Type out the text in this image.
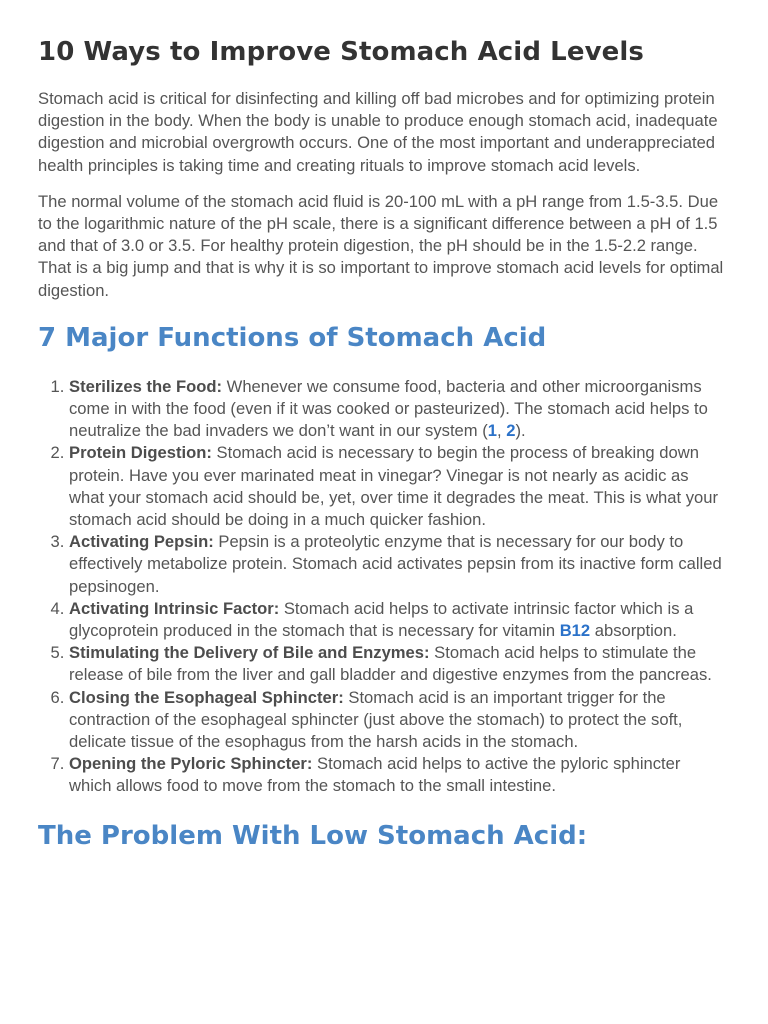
10 Ways to Improve Stomach Acid Levels

Stomach acid is critical for disinfecting and killing off bad microbes and for optimizing protein digestion in the body. When the body is unable to produce enough stomach acid, inadequate digestion and microbial overgrowth occurs. One of the most important and underappreciated health principles is taking time and creating rituals to improve stomach acid levels.

The normal volume of the stomach acid fluid is 20-100 mL with a pH range from 1.5-3.5. Due to the logarithmic nature of the pH scale, there is a significant difference between a pH of 1.5 and that of 3.0 or 3.5. For healthy protein digestion, the pH should be in the 1.5-2.2 range. That is a big jump and that is why it is so important to improve stomach acid levels for optimal digestion.

7 Major Functions of Stomach Acid
1. Sterilizes the Food: Whenever we consume food, bacteria and other microorganisms come in with the food (even if it was cooked or pasteurized). The stomach acid helps to neutralize the bad invaders we don’t want in our system (1, 2).
2. Protein Digestion: Stomach acid is necessary to begin the process of breaking down protein. Have you ever marinated meat in vinegar? Vinegar is not nearly as acidic as what your stomach acid should be, yet, over time it degrades the meat. This is what your stomach acid should be doing in a much quicker fashion.
3. Activating Pepsin: Pepsin is a proteolytic enzyme that is necessary for our body to effectively metabolize protein. Stomach acid activates pepsin from its inactive form called pepsinogen.
4. Activating Intrinsic Factor: Stomach acid helps to activate intrinsic factor which is a glycoprotein produced in the stomach that is necessary for vitamin B12 absorption.
5. Stimulating the Delivery of Bile and Enzymes: Stomach acid helps to stimulate the release of bile from the liver and gall bladder and digestive enzymes from the pancreas.
6. Closing the Esophageal Sphincter: Stomach acid is an important trigger for the contraction of the esophageal sphincter (just above the stomach) to protect the soft, delicate tissue of the esophagus from the harsh acids in the stomach.
7. Opening the Pyloric Sphincter: Stomach acid helps to active the pyloric sphincter which allows food to move from the stomach to the small intestine.
The Problem With Low Stomach Acid:
